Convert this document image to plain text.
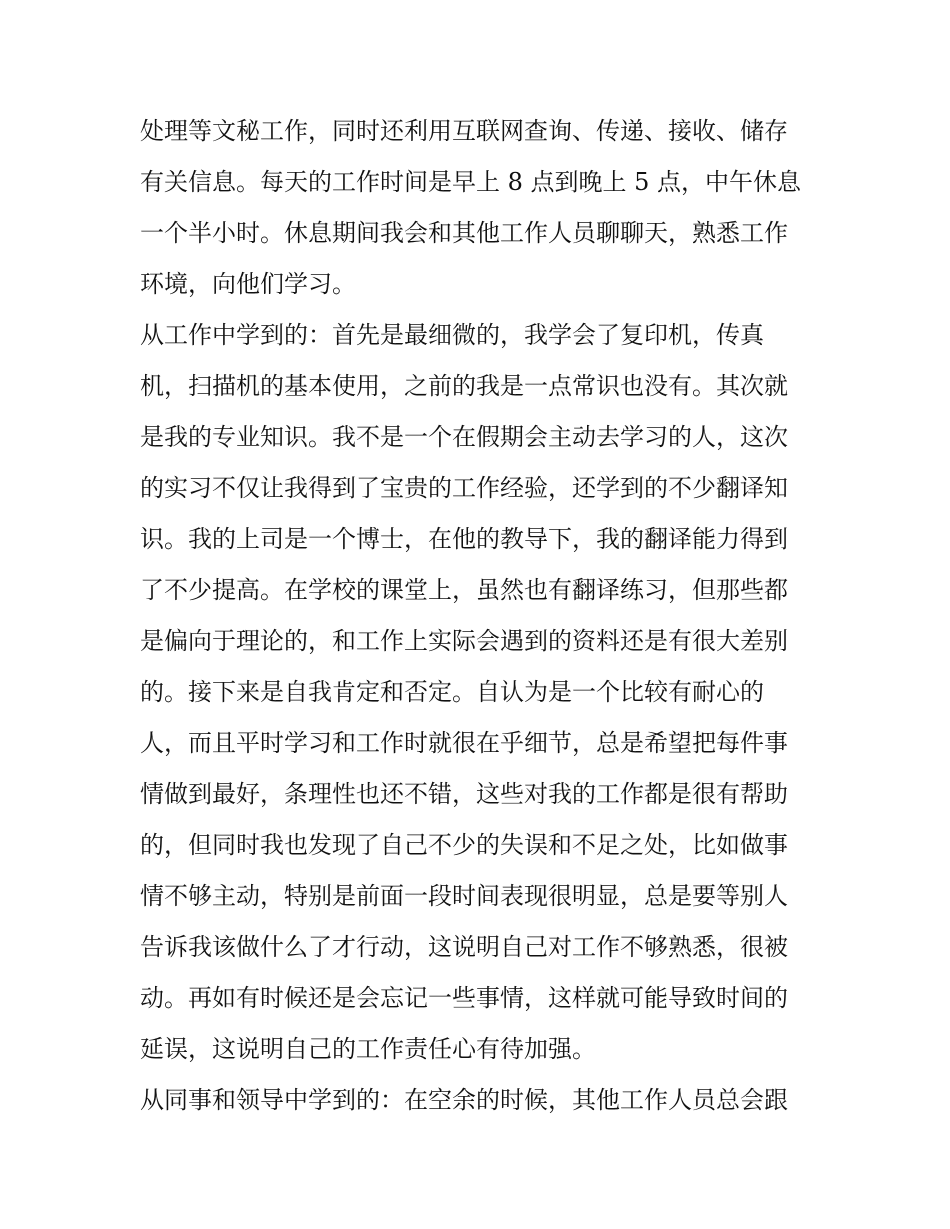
处理等文秘工作，同时还利用互联网查询、传递、接收、储存
有关信息。每天的工作时间是早上 8 点到晚上 5 点，中午休息
一个半小时。休息期间我会和其他工作人员聊聊天，熟悉工作
环境，向他们学习。
从工作中学到的：首先是最细微的，我学会了复印机，传真
机，扫描机的基本使用，之前的我是一点常识也没有。其次就
是我的专业知识。我不是一个在假期会主动去学习的人，这次
的实习不仅让我得到了宝贵的工作经验，还学到的不少翻译知
识。我的上司是一个博士，在他的教导下，我的翻译能力得到
了不少提高。在学校的课堂上，虽然也有翻译练习，但那些都
是偏向于理论的，和工作上实际会遇到的资料还是有很大差别
的。接下来是自我肯定和否定。自认为是一个比较有耐心的
人，而且平时学习和工作时就很在乎细节，总是希望把每件事
情做到最好，条理性也还不错，这些对我的工作都是很有帮助
的，但同时我也发现了自己不少的失误和不足之处，比如做事
情不够主动，特别是前面一段时间表现很明显，总是要等别人
告诉我该做什么了才行动，这说明自己对工作不够熟悉，很被
动。再如有时候还是会忘记一些事情，这样就可能导致时间的
延误，这说明自己的工作责任心有待加强。
从同事和领导中学到的：在空余的时候，其他工作人员总会跟
